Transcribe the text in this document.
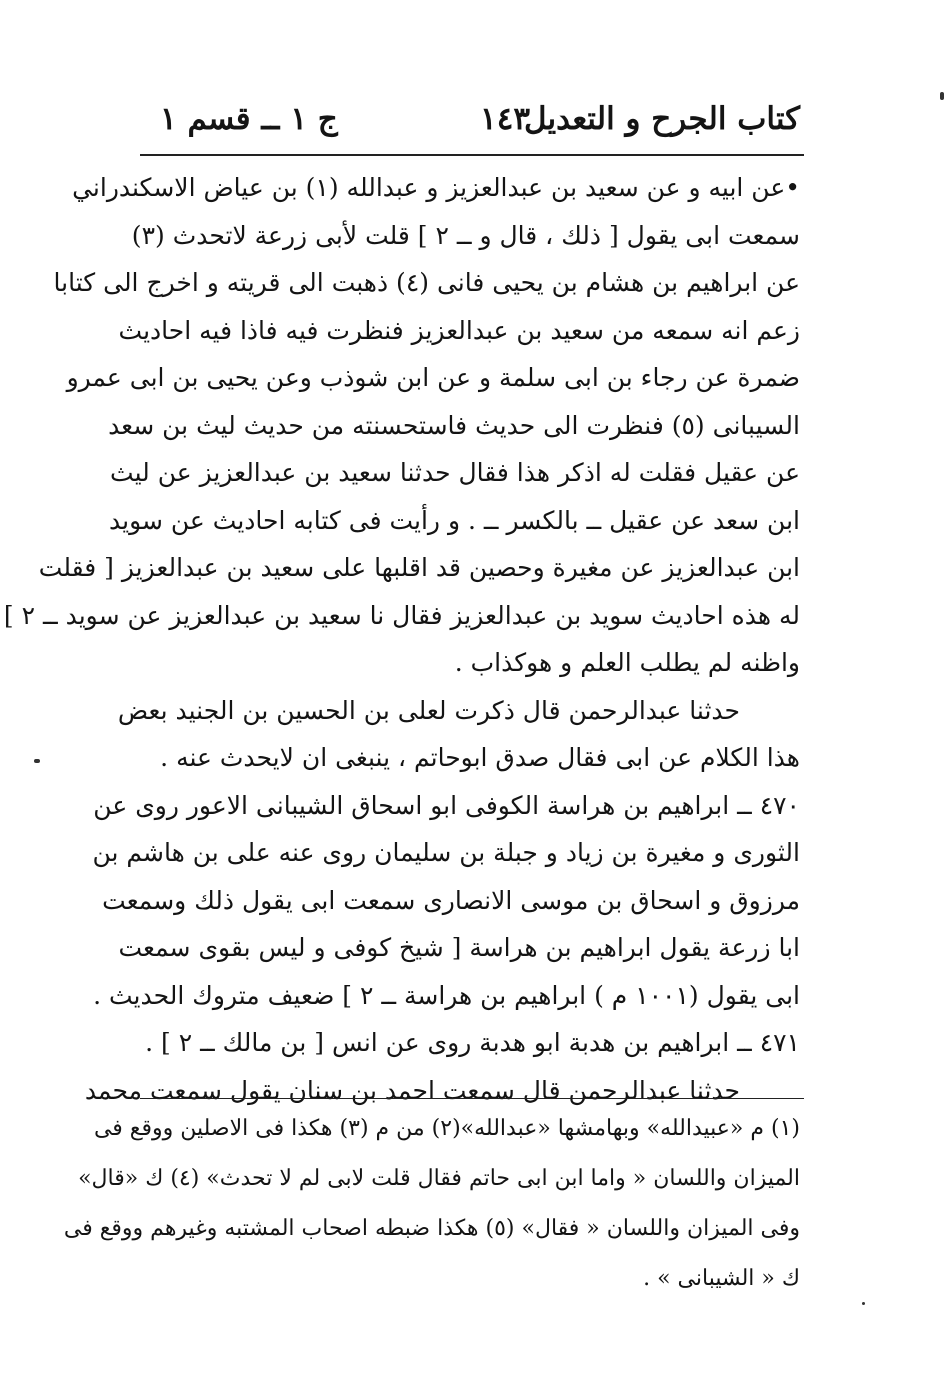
كتاب الجرح و التعديل
١٤٣
ج ١ ــ قسم ١
•عن ابيه و عن سعيد بن عبدالعزيز و عبدالله (١) بن عياض الاسكندراني
سمعت ابى يقول [ ذلك ، قال و ــ ٢ ] قلت لأبى زرعة لاتحدث (٣)
عن ابراهيم بن هشام بن يحيى فانى (٤) ذهبت الى قريته و اخرج الى كتابا
زعم انه سمعه من سعيد بن عبدالعزيز فنظرت فيه فاذا فيه احاديث
ضمرة عن رجاء بن ابى سلمة و عن ابن شوذب وعن يحيى بن ابى عمرو
السيبانى (٥) فنظرت الى حديث فاستحسنته من حديث ليث بن سعد
عن عقيل فقلت له اذكر هذا فقال حدثنا سعيد بن عبدالعزيز عن ليث
ابن سعد عن عقيل ــ بالكسر ــ . و رأيت فى كتابه احاديث عن سويد
ابن عبدالعزيز عن مغيرة وحصين قد اقلبها على سعيد بن عبدالعزيز [ فقلت
له هذه احاديث سويد بن عبدالعزيز فقال نا سعيد بن عبدالعزيز عن سويد ــ ٢ ]
واظنه لم يطلب العلم و هوكذاب .
حدثنا عبدالرحمن قال ذكرت لعلى بن الحسين بن الجنيد بعض
هذا الكلام عن ابى فقال صدق ابوحاتم ، ينبغى ان لايحدث عنه .
٤٧٠ ــ ابراهيم بن هراسة الكوفى ابو اسحاق الشيبانى الاعور روى عن
الثورى و مغيرة بن زياد و جبلة بن سليمان روى عنه على بن هاشم بن
مرزوق و اسحاق بن موسى الانصارى سمعت ابى يقول ذلك وسمعت
ابا زرعة يقول ابراهيم بن هراسة [ شيخ كوفى و ليس بقوى سمعت
ابى يقول (١٠٠١ م ) ابراهيم بن هراسة ــ ٢ ] ضعيف متروك الحديث .
٤٧١ ــ ابراهيم بن هدبة ابو هدبة روى عن انس [ بن مالك ــ ٢ ] .
حدثنا عبدالرحمن قال سمعت احمد بن سنان يقول سمعت محمد
(١) م «عبيدالله» وبهامشها «عبدالله»(٢) من م (٣) هكذا فى الاصلين ووقع فى
الميزان واللسان « واما ابن ابى حاتم فقال قلت لابى لم لا تحدث» (٤) ك «قال»
وفى الميزان واللسان « فقال» (٥) هكذا ضبطه اصحاب المشتبه وغيرهم ووقع فى
ك « الشيبانى » .
